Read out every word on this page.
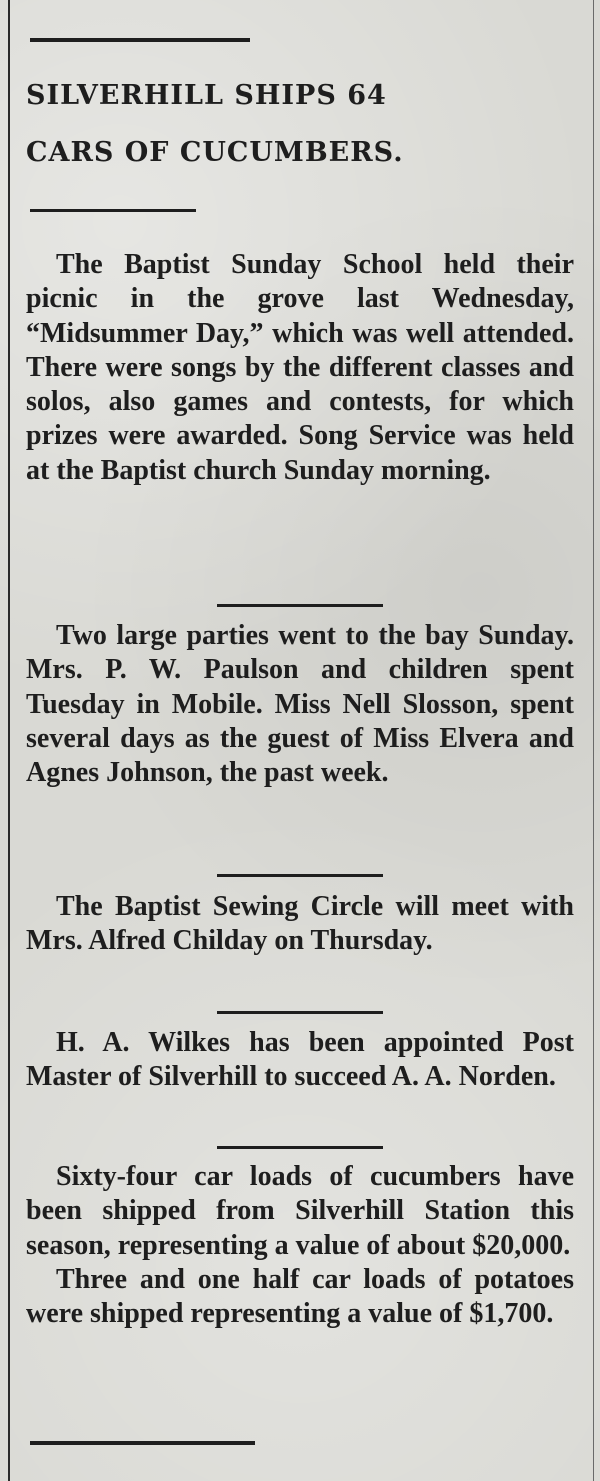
SILVERHILL SHIPS 64
CARS OF CUCUMBERS.

The Baptist Sunday School held their picnic in the grove last Wednesday, “Midsummer Day,” which was well attended. There were songs by the different classes and solos, also games and contests, for which prizes were awarded. Song Service was held at the Baptist church Sunday morning.

Two large parties went to the bay Sunday. Mrs. P. W. Paulson and children spent Tuesday in Mobile. Miss Nell Slosson, spent several days as the guest of Miss Elvera and Agnes Johnson, the past week.

The Baptist Sewing Circle will meet with Mrs. Alfred Childay on Thursday.

H. A. Wilkes has been appointed Post Master of Silverhill to succeed A. A. Norden.

Sixty-four car loads of cucumbers have been shipped from Silverhill Station this season, representing a value of about $20,000.

Three and one half car loads of potatoes were shipped representing a value of $1,700.
